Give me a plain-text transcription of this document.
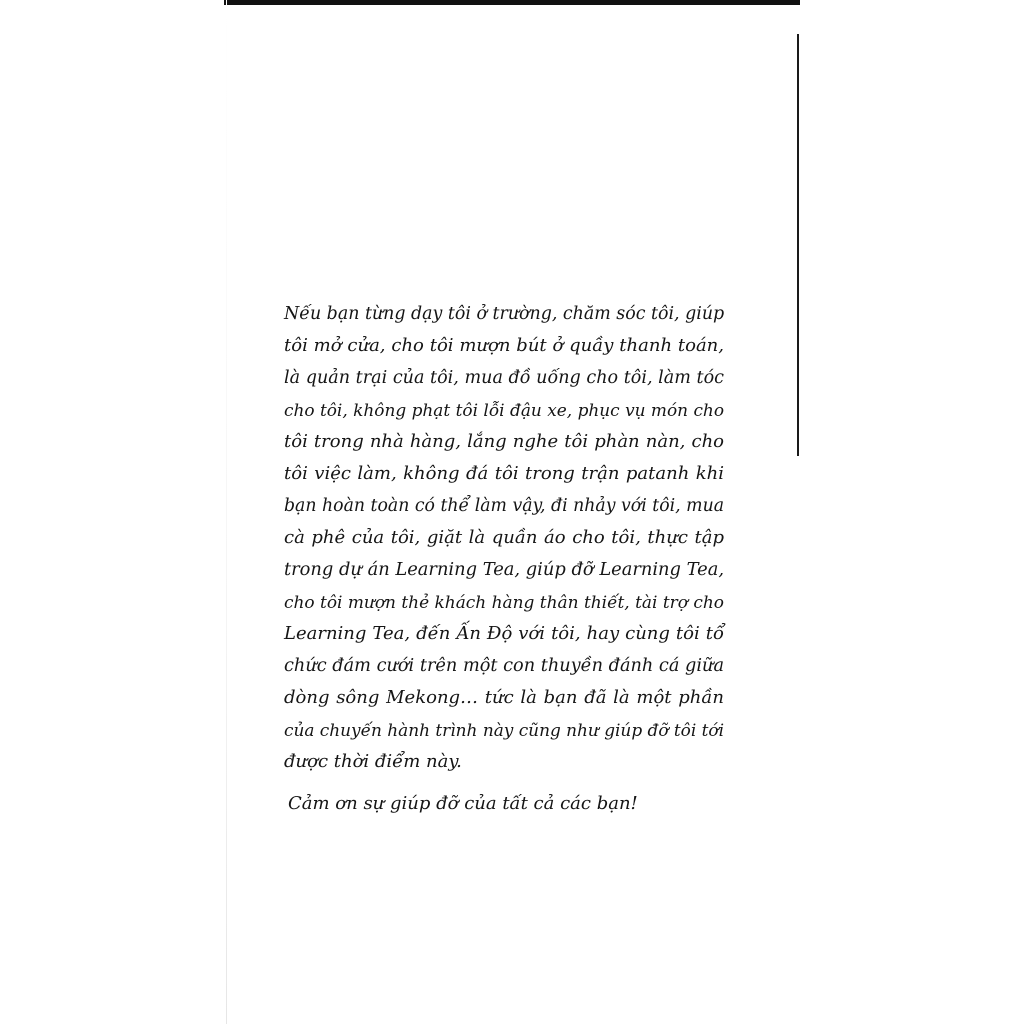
Nếu bạn từng dạy tôi ở trường, chăm sóc tôi, giúp
tôi mở cửa, cho tôi mượn bút ở quầy thanh toán,
là quản trại của tôi, mua đồ uống cho tôi, làm tóc
cho tôi, không phạt tôi lỗi đậu xe, phục vụ món cho
tôi trong nhà hàng, lắng nghe tôi phàn nàn, cho
tôi việc làm, không đá tôi trong trận patanh khi
bạn hoàn toàn có thể làm vậy, đi nhảy với tôi, mua
cà phê của tôi, giặt là quần áo cho tôi, thực tập
trong dự án Learning Tea, giúp đỡ Learning Tea,
cho tôi mượn thẻ khách hàng thân thiết, tài trợ cho
Learning Tea, đến Ấn Độ với tôi, hay cùng tôi tổ
chức đám cưới trên một con thuyền đánh cá giữa
dòng sông Mekong… tức là bạn đã là một phần
của chuyến hành trình này cũng như giúp đỡ tôi tới
được thời điểm này.
Cảm ơn sự giúp đỡ của tất cả các bạn!
